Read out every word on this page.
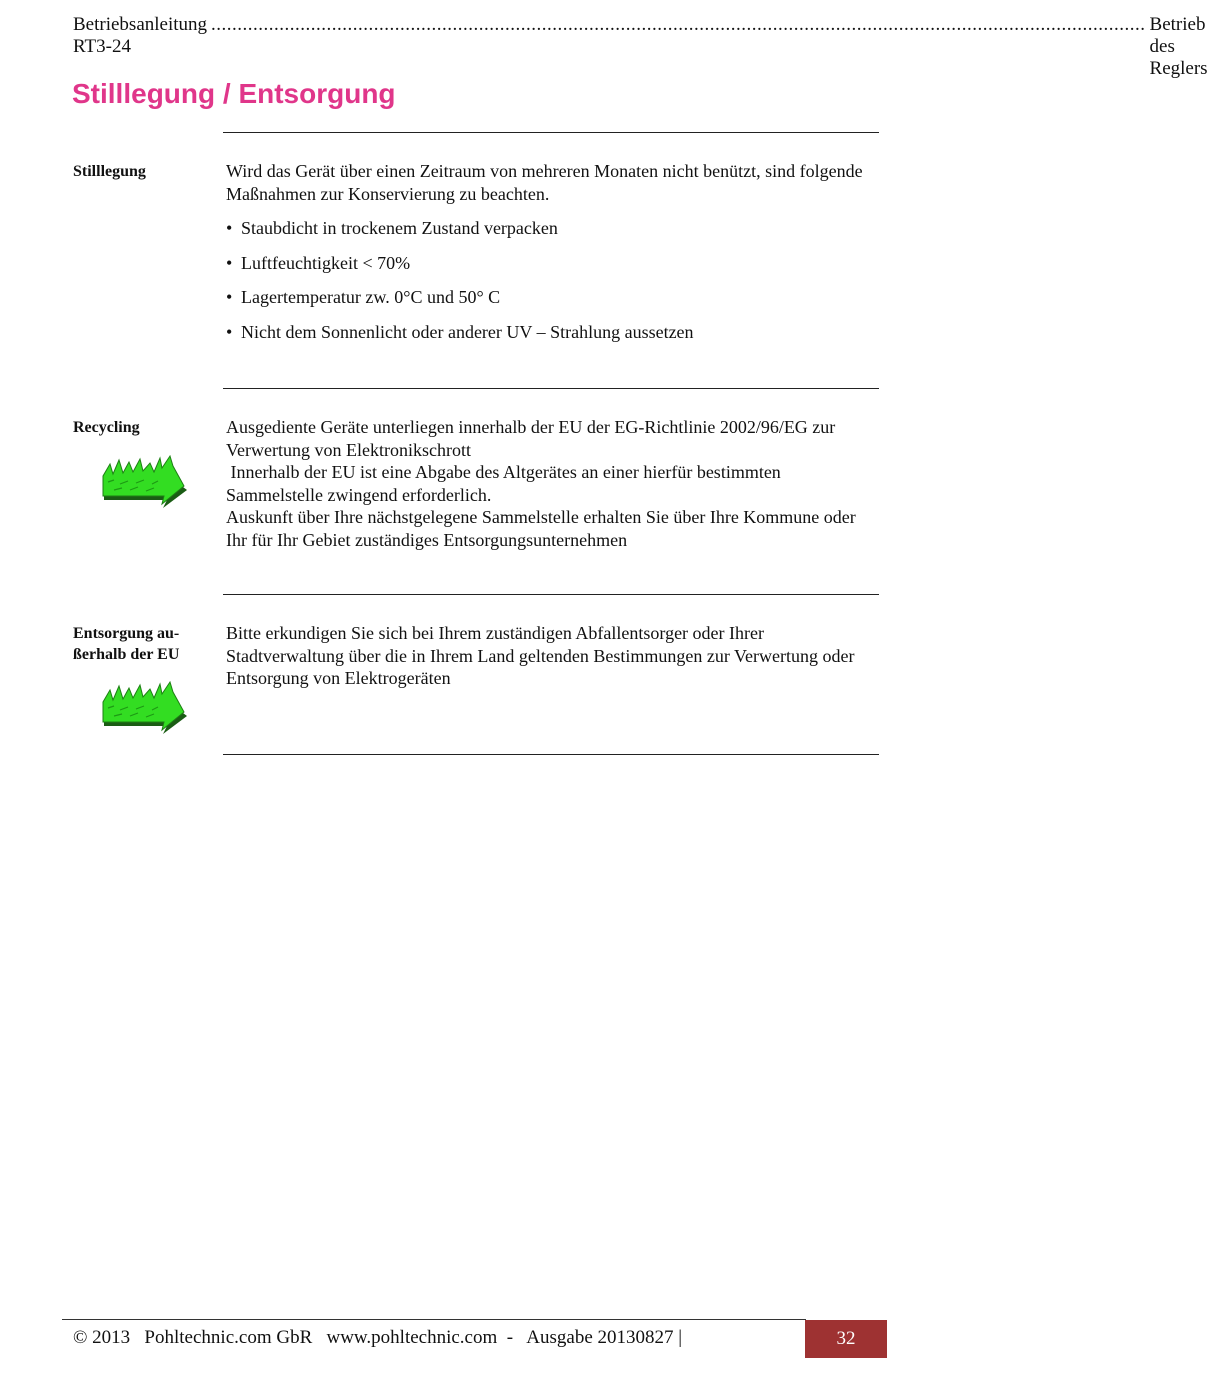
Betriebsanleitung RT3-24
.................................................................................................................................................................................. Betrieb des Reglers
Stilllegung / Entsorgung
Stilllegung	Wird das Gerät über einen Zeitraum von mehreren Monaten nicht benützt, sind folgende Maßnahmen zur Konservierung zu beachten.

• Staubdicht in trockenem Zustand verpacken
• Luftfeuchtigkeit < 70%
• Lagertemperatur zw. 0°C und 50° C
• Nicht dem Sonnenlicht oder anderer UV – Strahlung aussetzen
Recycling	Ausgediente Geräte unterliegen innerhalb der EU der EG-Richtlinie 2002/96/EG zur Verwertung von Elektronikschrott

Innerhalb der EU ist eine Abgabe des Altgerätes an einer hierfür bestimmten Sammelstelle zwingend erforderlich.

Auskunft über Ihre nächstgelegene Sammelstelle erhalten Sie über Ihre Kommune oder Ihr für Ihr Gebiet zuständiges Entsorgungsunternehmen

Entsorgung au-
ßerhalb der EU

Bitte erkundigen Sie sich bei Ihrem zuständigen Abfallentsorger oder Ihrer Stadtverwaltung über die in Ihrem Land geltenden Bestimmungen zur Verwertung oder Entsorgung von Elektrogeräten

© 2013   Pohltechnic.com GbR   www.pohltechnic.com  -   Ausgabe 20130827 |	32
